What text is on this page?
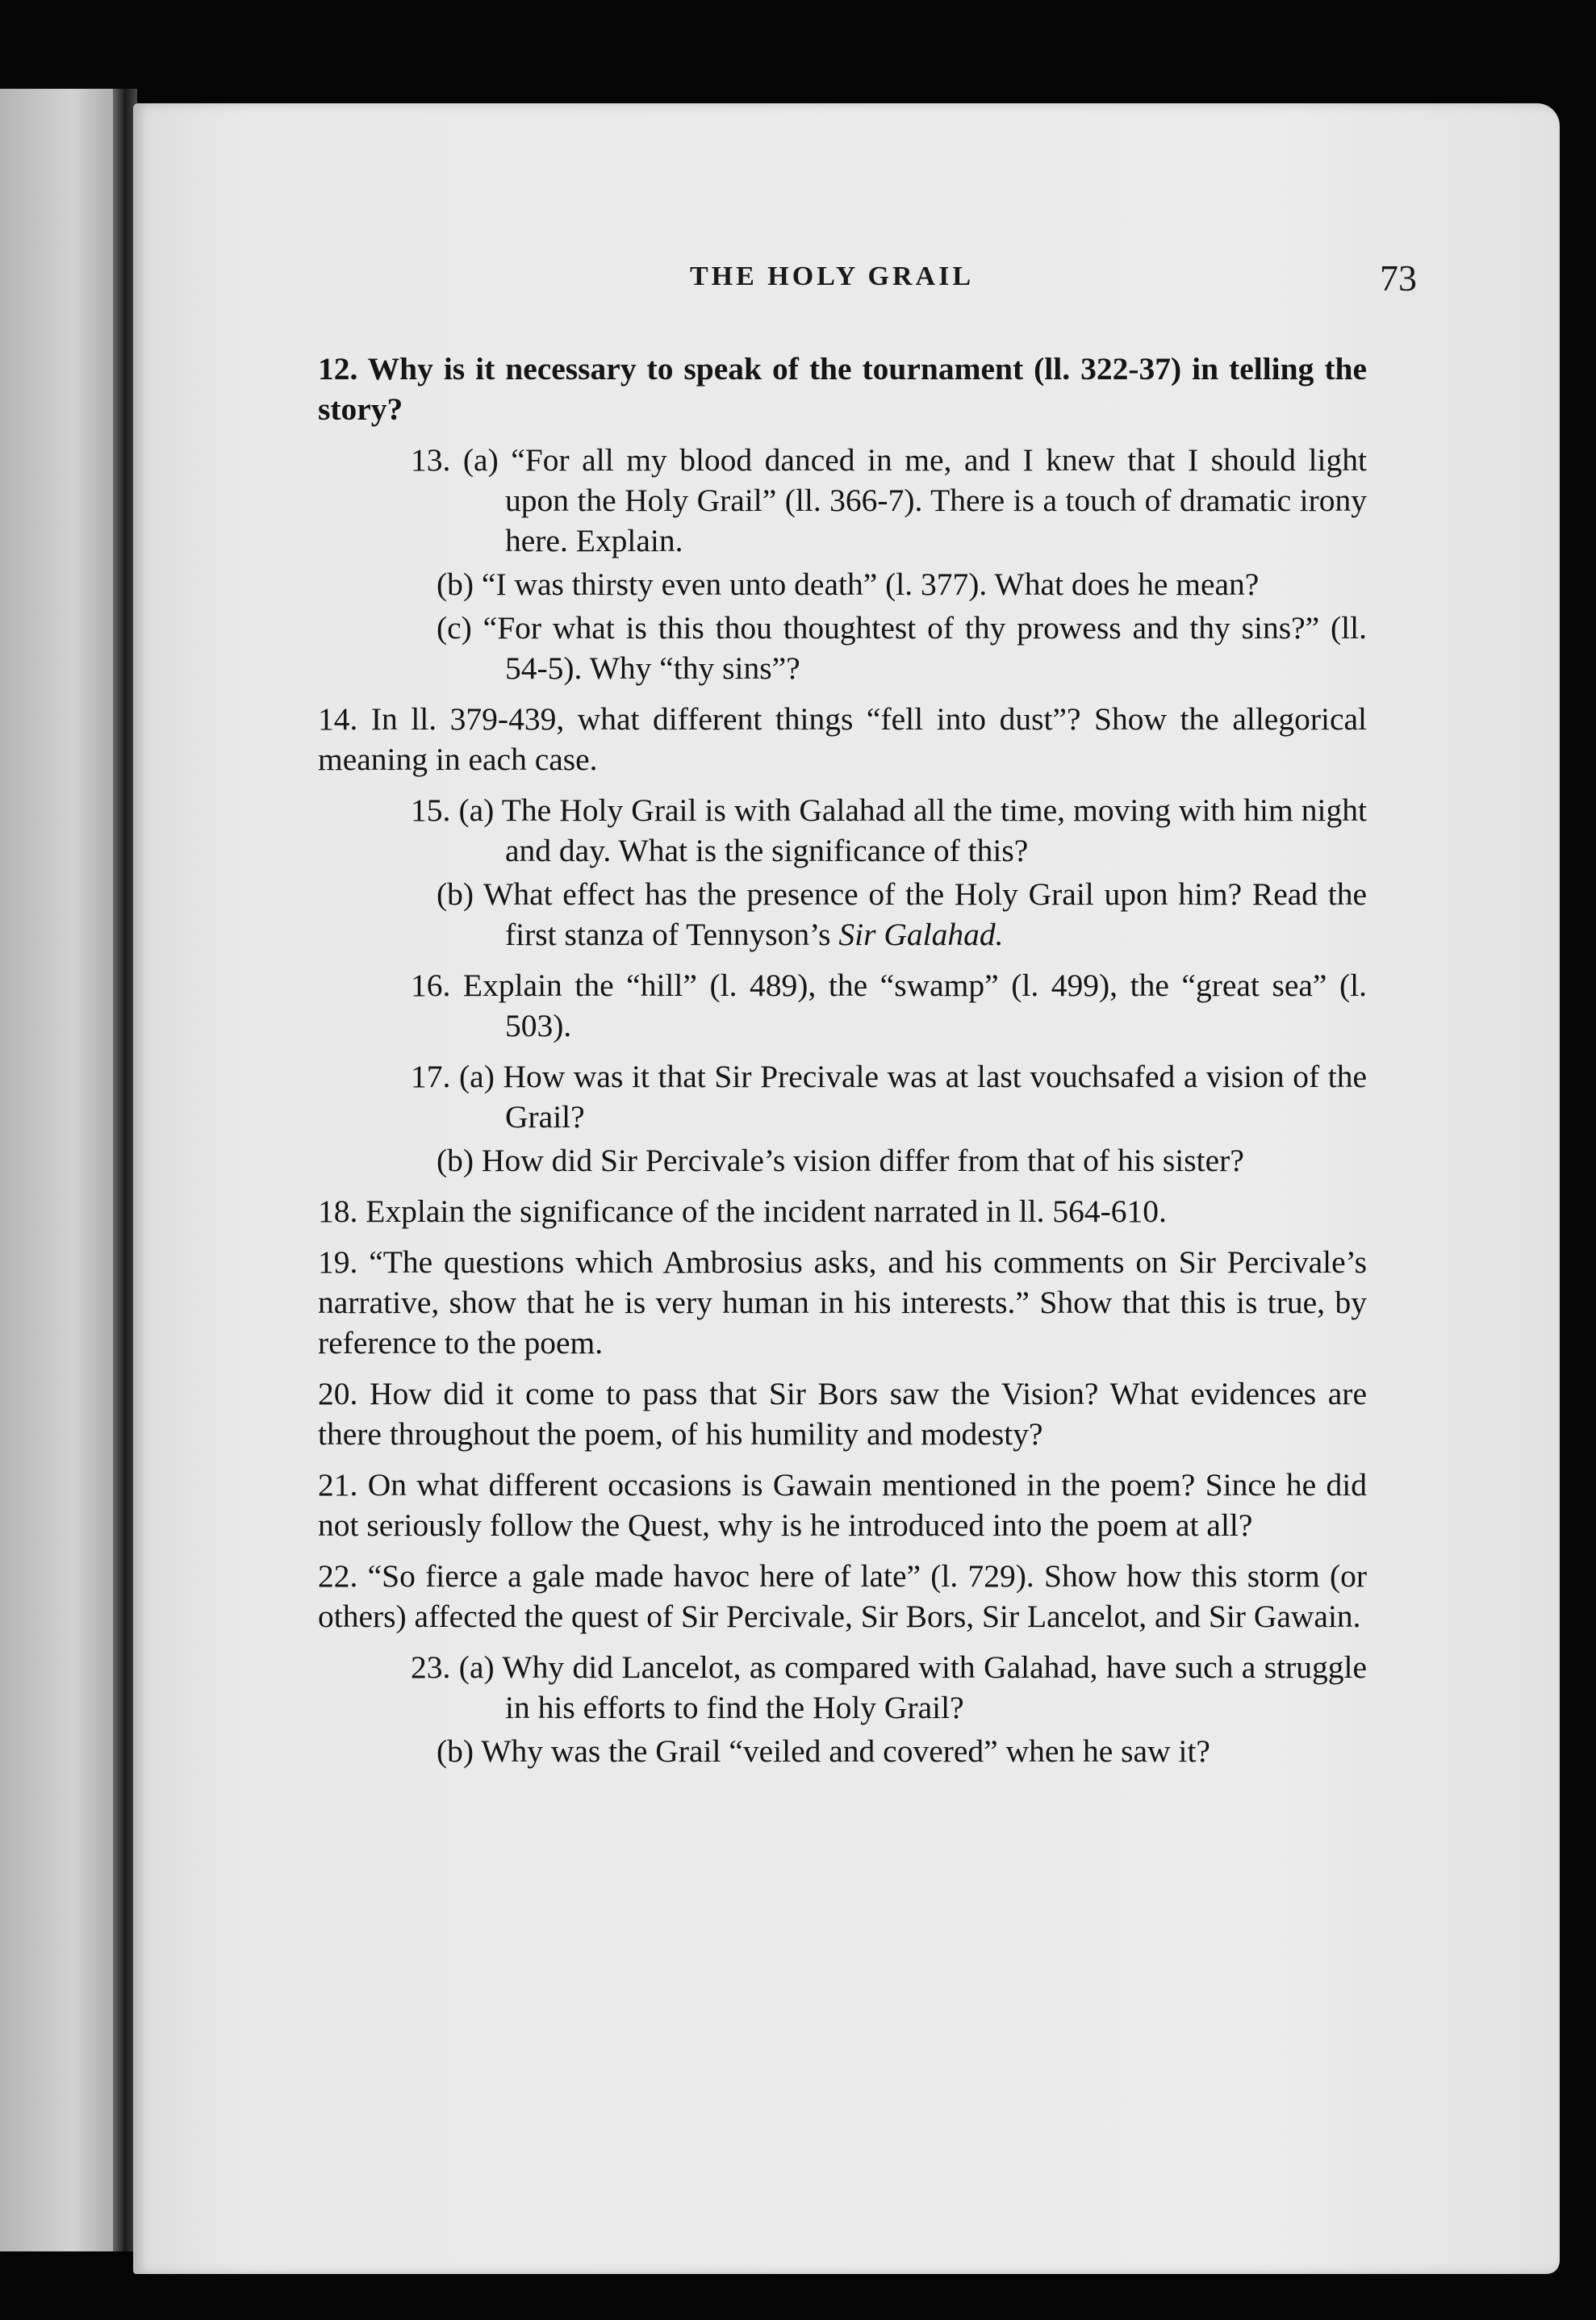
THE HOLY GRAIL	73
12. Why is it necessary to speak of the tournament (ll. 322-37) in telling the story?
13. (a) “For all my blood danced in me, and I knew that I should light upon the Holy Grail” (ll. 366-7). There is a touch of dramatic irony here. Explain.
(b) “I was thirsty even unto death” (l. 377). What does he mean?
(c) “For what is this thou thoughtest of thy prowess and thy sins?” (ll. 54-5). Why “thy sins”?
14. In ll. 379-439, what different things “fell into dust”? Show the allegorical meaning in each case.
15. (a) The Holy Grail is with Galahad all the time, moving with him night and day. What is the significance of this?
(b) What effect has the presence of the Holy Grail upon him? Read the first stanza of Tennyson’s Sir Galahad.
16. Explain the “hill” (l. 489), the “swamp” (l. 499), the “great sea” (l. 503).
17. (a) How was it that Sir Precivale was at last vouchsafed a vision of the Grail?
(b) How did Sir Percivale’s vision differ from that of his sister?
18. Explain the significance of the incident narrated in ll. 564-610.
19. “The questions which Ambrosius asks, and his comments on Sir Percivale’s narrative, show that he is very human in his interests.” Show that this is true, by reference to the poem.
20. How did it come to pass that Sir Bors saw the Vision? What evidences are there throughout the poem, of his humility and modesty?
21. On what different occasions is Gawain mentioned in the poem? Since he did not seriously follow the Quest, why is he introduced into the poem at all?
22. “So fierce a gale made havoc here of late” (l. 729). Show how this storm (or others) affected the quest of Sir Percivale, Sir Bors, Sir Lancelot, and Sir Gawain.
23. (a) Why did Lancelot, as compared with Galahad, have such a struggle in his efforts to find the Holy Grail?
(b) Why was the Grail “veiled and covered” when he saw it?
